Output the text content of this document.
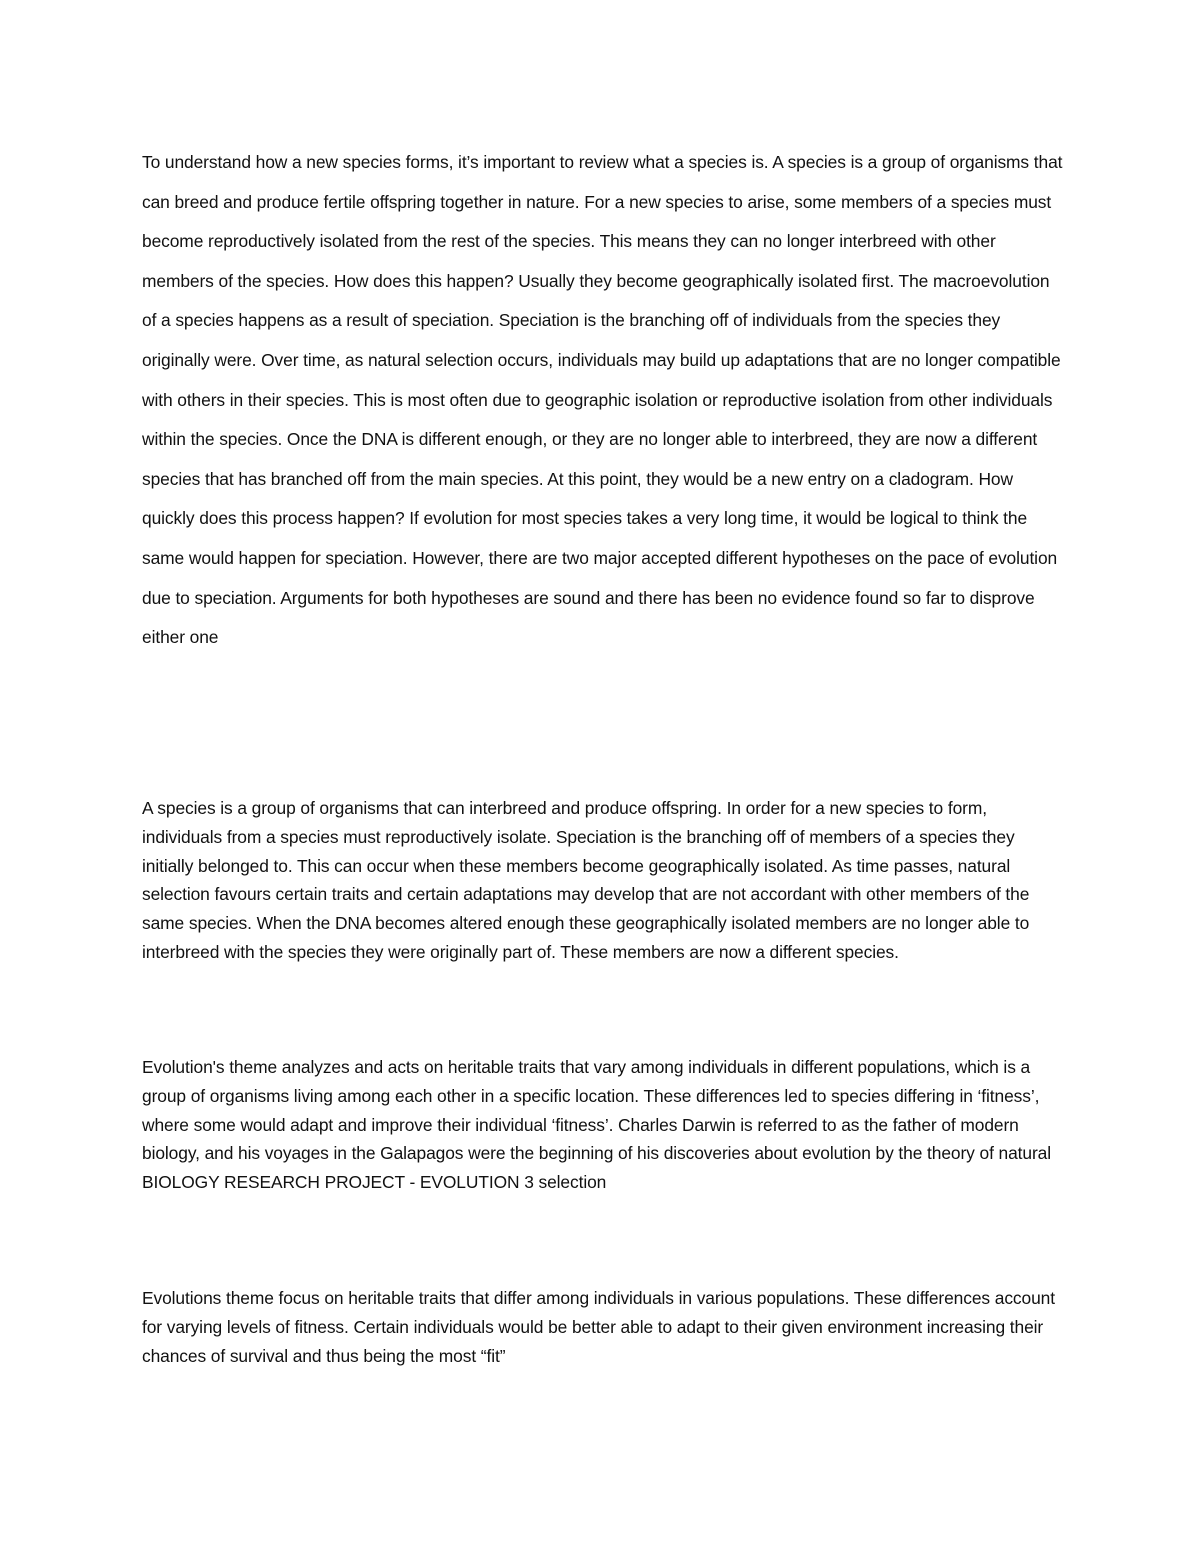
To understand how a new species forms, it’s important to review what a species is. A species is a group of organisms that can breed and produce fertile offspring together in nature. For a new species to arise, some members of a species must become reproductively isolated from the rest of the species. This means they can no longer interbreed with other members of the species. How does this happen? Usually they become geographically isolated first. The macroevolution of a species happens as a result of speciation. Speciation is the branching off of individuals from the species they originally were. Over time, as natural selection occurs, individuals may build up adaptations that are no longer compatible with others in their species. This is most often due to geographic isolation or reproductive isolation from other individuals within the species. Once the DNA is different enough, or they are no longer able to interbreed, they are now a different species that has branched off from the main species. At this point, they would be a new entry on a cladogram. How quickly does this process happen? If evolution for most species takes a very long time, it would be logical to think the same would happen for speciation. However, there are two major accepted different hypotheses on the pace of evolution due to speciation. Arguments for both hypotheses are sound and there has been no evidence found so far to disprove either one

A species is a group of organisms that can interbreed and produce offspring. In order for a new species to form, individuals from a species must reproductively isolate. Speciation is the branching off of members of a species they initially belonged to. This can occur when these members become geographically isolated. As time passes, natural selection favours certain traits and certain adaptations may develop that are not accordant with other members of the same species. When the DNA becomes altered enough these geographically isolated members are no longer able to interbreed with the species they were originally part of. These members are now a different species.

Evolution's theme analyzes and acts on heritable traits that vary among individuals in different populations, which is a group of organisms living among each other in a specific location. These differences led to species differing in ‘fitness’, where some would adapt and improve their individual ‘fitness’. Charles Darwin is referred to as the father of modern biology, and his voyages in the Galapagos were the beginning of his discoveries about evolution by the theory of natural BIOLOGY RESEARCH PROJECT - EVOLUTION 3 selection

Evolutions theme focus on heritable traits that differ among individuals in various populations. These differences account for varying levels of fitness. Certain individuals would be better able to adapt to their given environment increasing their chances of survival and thus being the most “fit”
